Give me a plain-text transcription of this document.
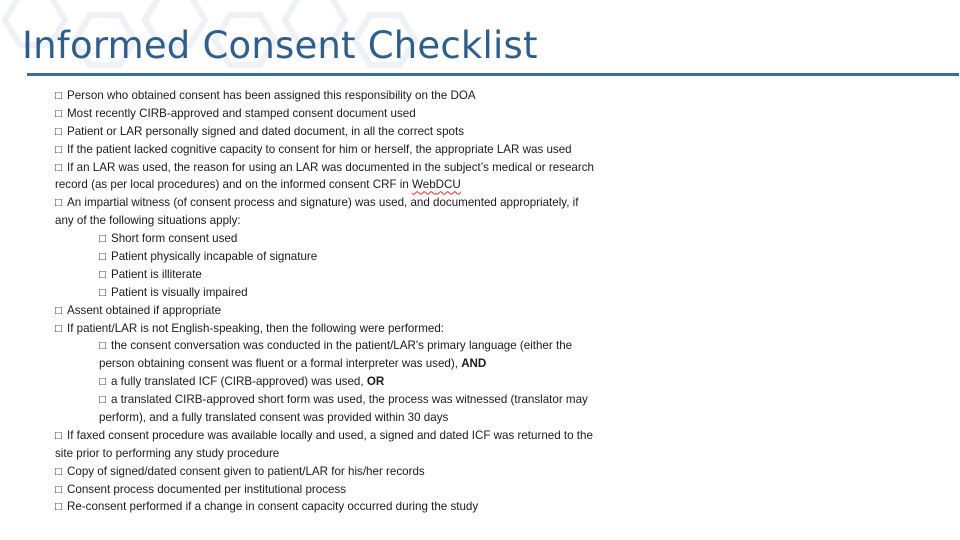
Informed Consent Checklist
□ Person who obtained consent has been assigned this responsibility on the DOA
□ Most recently CIRB-approved and stamped consent document used
□ Patient or LAR personally signed and dated document, in all the correct spots
□ If the patient lacked cognitive capacity to consent for him or herself, the appropriate LAR was used
□ If an LAR was used, the reason for using an LAR was documented in the subject’s medical or research
record (as per local procedures) and on the informed consent CRF in WebDCU
□ An impartial witness (of consent process and signature) was used, and documented appropriately, if
any of the following situations apply:
□ Short form consent used
□ Patient physically incapable of signature
□ Patient is illiterate
□ Patient is visually impaired
□ Assent obtained if appropriate
□ If patient/LAR is not English-speaking, then the following were performed:
□ the consent conversation was conducted in the patient/LAR's primary language (either the
person obtaining consent was fluent or a formal interpreter was used), AND
□ a fully translated ICF (CIRB-approved) was used, OR
□ a translated CIRB-approved short form was used, the process was witnessed (translator may
perform), and a fully translated consent was provided within 30 days
□ If faxed consent procedure was available locally and used, a signed and dated ICF was returned to the
site prior to performing any study procedure
□ Copy of signed/dated consent given to patient/LAR for his/her records
□ Consent process documented per institutional process
□ Re-consent performed if a change in consent capacity occurred during the study
